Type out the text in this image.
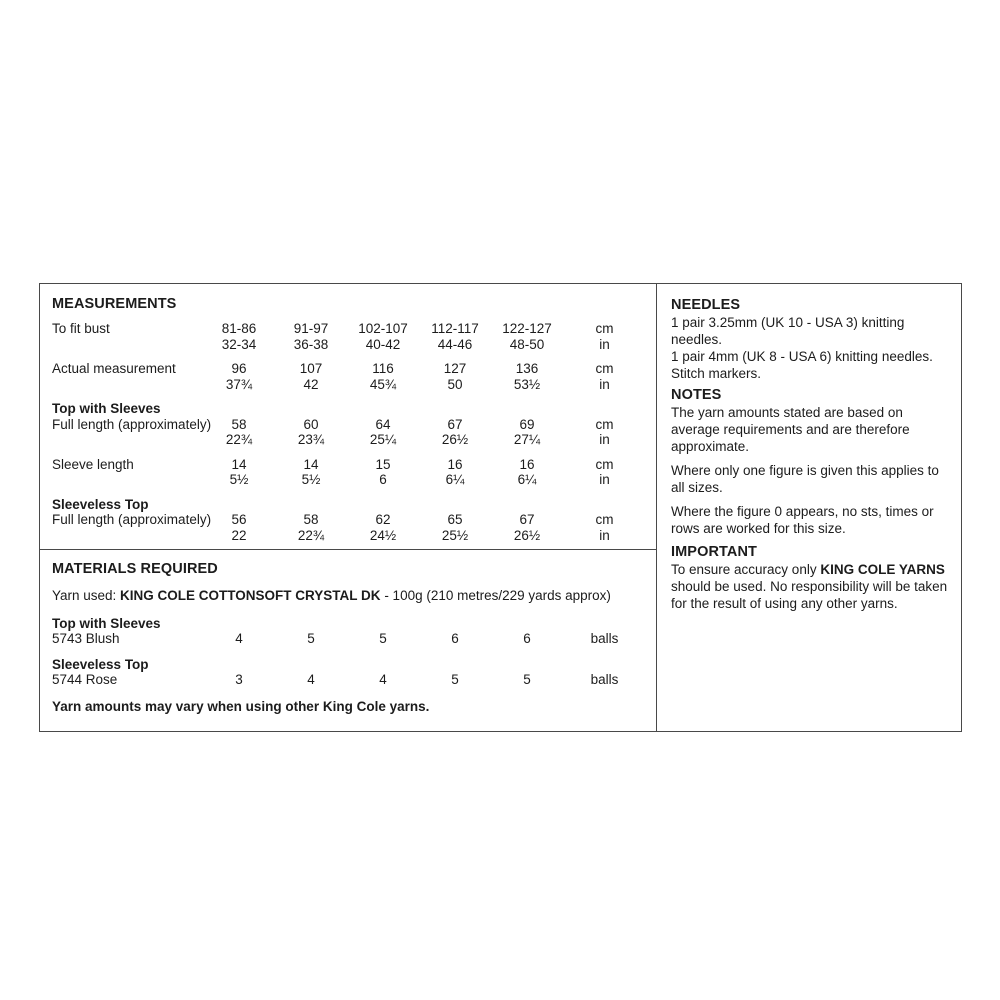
MEASUREMENTS
To fit bust	81-86	91-97	102-107	112-117	122-127	cm
32-34	36-38	40-42	44-46	48-50	in
Actual measurement	96	107	116	127	136	cm
37¾	42	45¾	50	53½	in
Top with Sleeves
Full length (approximately)	58	60	64	67	69	cm
22¾	23¾	25¼	26½	27¼	in
Sleeve length	14	14	15	16	16	cm
5½	5½	6	6¼	6¼	in
Sleeveless Top
Full length (approximately)	56	58	62	65	67	cm
22	22¾	24½	25½	26½	in
MATERIALS REQUIRED

Yarn used: KING COLE COTTONSOFT CRYSTAL DK - 100g (210 metres/229 yards approx)

Top with Sleeves
5743 Blush	4	5	5	6	6	balls
Sleeveless Top
5744 Rose	3	4	4	5	5	balls

Yarn amounts may vary when using other King Cole yarns.

NEEDLES

1 pair 3.25mm (UK 10 - USA 3) knitting needles.

1 pair 4mm (UK 8 - USA 6) knitting needles.

Stitch markers.

NOTES

The yarn amounts stated are based on average requirements and are therefore approximate.

Where only one figure is given this applies to all sizes.

Where the figure 0 appears, no sts, times or rows are worked for this size.

IMPORTANT

To ensure accuracy only KING COLE YARNS should be used. No responsibility will be taken for the result of using any other yarns.
